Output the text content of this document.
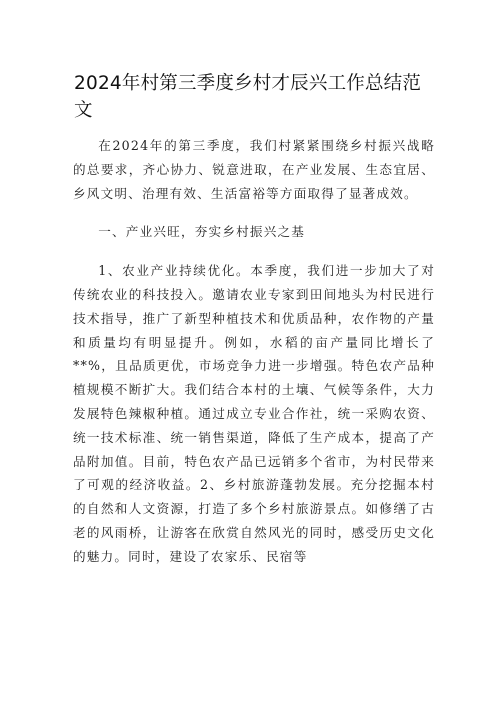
2024年村第三季度乡村才辰兴工作总结范文

在2024年的第三季度，我们村紧紧围绕乡村振兴战略的总要求，齐心协力、锐意进取，在产业发展、生态宜居、乡风文明、治理有效、生活富裕等方面取得了显著成效。

一、产业兴旺，夯实乡村振兴之基

1、农业产业持续优化。本季度，我们进一步加大了对传统农业的科技投入。邀请农业专家到田间地头为村民进行技术指导，推广了新型种植技术和优质品种，农作物的产量和质量均有明显提升。例如，水稻的亩产量同比增长了**%，且品质更优，市场竞争力进一步增强。特色农产品种植规模不断扩大。我们结合本村的土壤、气候等条件，大力发展特色辣椒种植。通过成立专业合作社，统一采购农资、统一技术标准、统一销售渠道，降低了生产成本，提高了产品附加值。目前，特色农产品已远销多个省市，为村民带来了可观的经济收益。2、乡村旅游蓬勃发展。充分挖掘本村的自然和人文资源，打造了多个乡村旅游景点。如修缮了古老的风雨桥，让游客在欣赏自然风光的同时，感受历史文化的魅力。同时，建设了农家乐、民宿等
